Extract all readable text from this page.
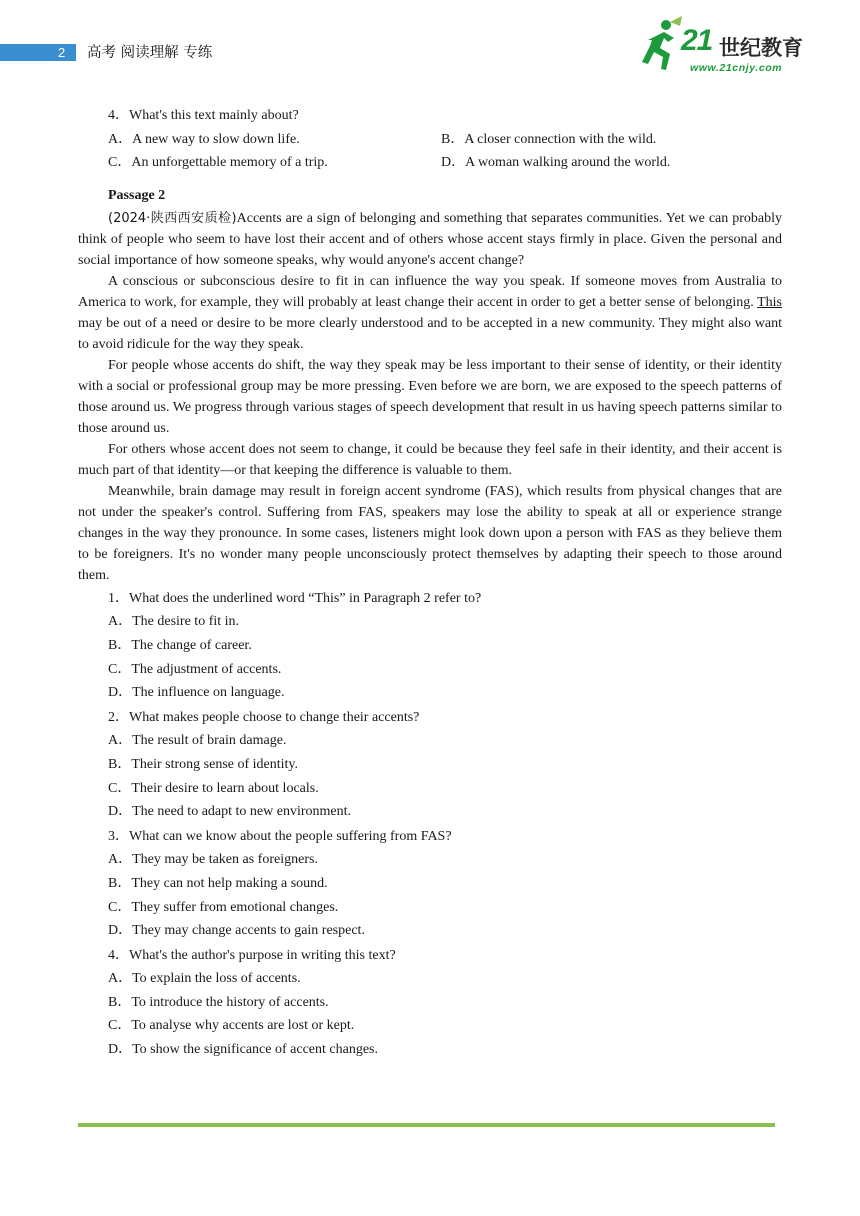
2 高考 阅读理解 专练	21 世纪教育
www.21cnjy.com
4．What's this text mainly about?
A．A new way to slow down life.	B．A closer connection with the wild.
C．An unforgettable memory of a trip.	D．A woman walking around the world.
Passage 2

(2024·陕西西安质检)Accents are a sign of belonging and something that separates communities. Yet we can probably think of people who seem to have lost their accent and of others whose accent stays firmly in place. Given the personal and social importance of how someone speaks, why would anyone's accent change?

A conscious or subconscious desire to fit in can influence the way you speak. If someone moves from Australia to America to work, for example, they will probably at least change their accent in order to get a better sense of belonging. This may be out of a need or desire to be more clearly understood and to be accepted in a new community. They might also want to avoid ridicule for the way they speak.

For people whose accents do shift, the way they speak may be less important to their sense of identity, or their identity with a social or professional group may be more pressing. Even before we are born, we are exposed to the speech patterns of those around us. We progress through various stages of speech development that result in us having speech patterns similar to those around us.

For others whose accent does not seem to change, it could be because they feel safe in their identity, and their accent is much part of that identity—or that keeping the difference is valuable to them.

Meanwhile, brain damage may result in foreign accent syndrome (FAS), which results from physical changes that are not under the speaker's control. Suffering from FAS, speakers may lose the ability to speak at all or experience strange changes in the way they pronounce. In some cases, listeners might look down upon a person with FAS as they believe them to be foreigners. It's no wonder many people unconsciously protect themselves by adapting their speech to those around them.

1．What does the underlined word “This” in Paragraph 2 refer to?
A．The desire to fit in.
B．The change of career.
C．The adjustment of accents.
D．The influence on language.
2．What makes people choose to change their accents?
A．The result of brain damage.
B．Their strong sense of identity.
C．Their desire to learn about locals.
D．The need to adapt to new environment.
3．What can we know about the people suffering from FAS?
A．They may be taken as foreigners.
B．They can not help making a sound.
C．They suffer from emotional changes.
D．They may change accents to gain respect.
4．What's the author's purpose in writing this text?
A．To explain the loss of accents.
B．To introduce the history of accents.
C．To analyse why accents are lost or kept.
D．To show the significance of accent changes.
